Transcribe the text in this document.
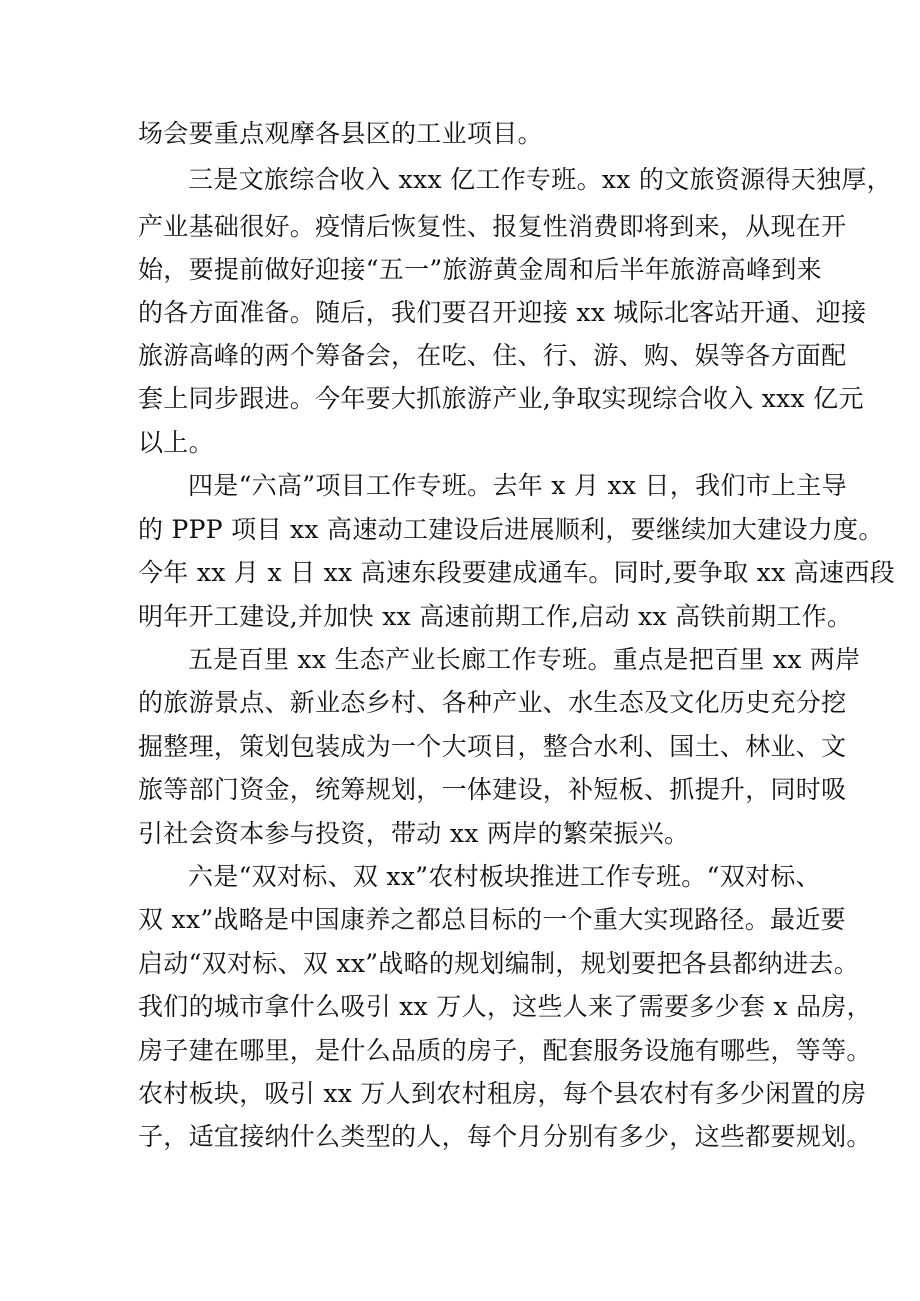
场会要重点观摩各县区的工业项目。
三是文旅综合收入 xxx 亿工作专班。xx 的文旅资源得天独厚，
产业基础很好。疫情后恢复性、报复性消费即将到来，从现在开
始，要提前做好迎接“五一”旅游黄金周和后半年旅游高峰到来
的各方面准备。随后，我们要召开迎接 xx 城际北客站开通、迎接
旅游高峰的两个筹备会，在吃、住、行、游、购、娱等各方面配
套上同步跟进。今年要大抓旅游产业,争取实现综合收入 xxx 亿元
以上。
四是“六高”项目工作专班。去年 x 月 xx 日，我们市上主导
的 PPP 项目 xx 高速动工建设后进展顺利，要继续加大建设力度。
今年 xx 月 x 日 xx 高速东段要建成通车。同时,要争取 xx 高速西段
明年开工建设,并加快 xx 高速前期工作,启动 xx 高铁前期工作。
五是百里 xx 生态产业长廊工作专班。重点是把百里 xx 两岸
的旅游景点、新业态乡村、各种产业、水生态及文化历史充分挖
掘整理，策划包装成为一个大项目，整合水利、国土、林业、文
旅等部门资金，统筹规划，一体建设，补短板、抓提升，同时吸
引社会资本参与投资，带动 xx 两岸的繁荣振兴。
六是“双对标、双 xx”农村板块推进工作专班。“双对标、
双 xx”战略是中国康养之都总目标的一个重大实现路径。最近要
启动“双对标、双 xx”战略的规划编制，规划要把各县都纳进去。
我们的城市拿什么吸引 xx 万人，这些人来了需要多少套 x 品房，
房子建在哪里，是什么品质的房子，配套服务设施有哪些，等等。
农村板块，吸引 xx 万人到农村租房，每个县农村有多少闲置的房
子，适宜接纳什么类型的人，每个月分别有多少，这些都要规划。
